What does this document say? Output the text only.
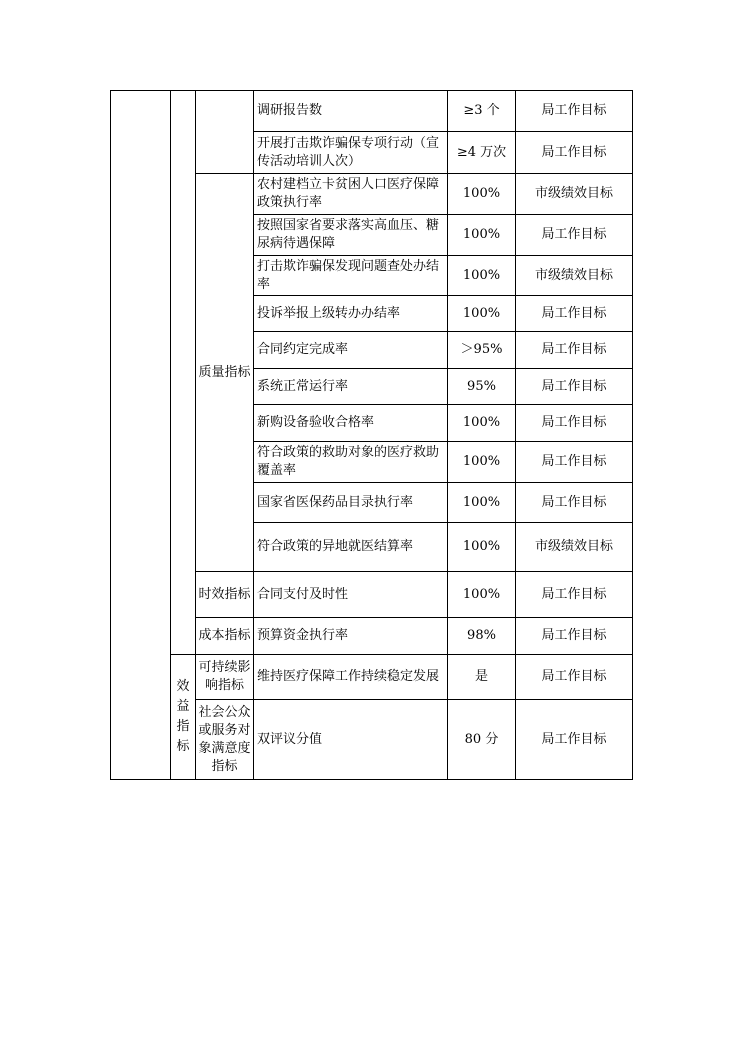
			调研报告数	≥3 个	局工作目标
			开展打击欺诈骗保专项行动（宣传活动培训人次）	≥4 万次	局工作目标
		质量指标	农村建档立卡贫困人口医疗保障政策执行率	100%	市级绩效目标
			按照国家省要求落实高血压、糖尿病待遇保障	100%	局工作目标
			打击欺诈骗保发现问题查处办结率	100%	市级绩效目标
			投诉举报上级转办办结率	100%	局工作目标
			合同约定完成率	＞95%	局工作目标
			系统正常运行率	95%	局工作目标
			新购设备验收合格率	100%	局工作目标
			符合政策的救助对象的医疗救助覆盖率	100%	局工作目标
			国家省医保药品目录执行率	100%	局工作目标
			符合政策的异地就医结算率	100%	市级绩效目标
		时效指标	合同支付及时性	100%	局工作目标
		成本指标	预算资金执行率	98%	局工作目标
	效益指标	可持续影响指标	维持医疗保障工作持续稳定发展	是	局工作目标

		社会公众或服务对象满意度指标	双评议分值	80 分	局工作目标
